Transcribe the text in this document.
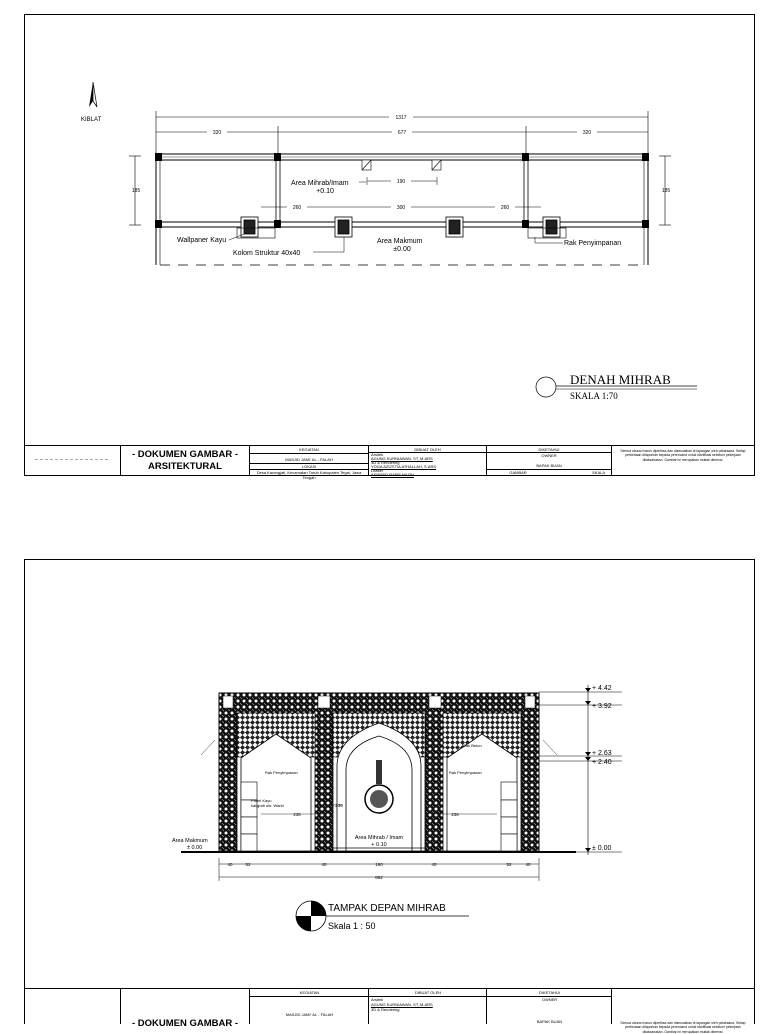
KIBLAT	1317
320	677	320
185	185
190
260	300	260
Area Mihrab/Imam
+0.10
Wallpaner Kayu
Kolom Struktur 40x40
Area Makmum
±0.00
Rak Penyimpanan
DENAH MIHRAB
SKALA 1:70
- DOKUMEN GAMBAR - ARSITEKTURAL
KEGIATAN
MASJID JAMI' AL - FALAH
LOKASI
Desa Karangjati, Kecamatan Tarub Kabupaten Tegal, Jawa Tengah
DIBUAT OLEH
Arsitek
AGUNG KURNIAWAN, ST, M.ARS
3D & Rendering
YOGA AZIZSTIA ATHALLAH, S.ARS
Drafter
AKHMAD RAFIF NAZIH
DIKETAHUI
OWNER
BAPAK BUAN
GAMBAR	SKALA
Semua ukuran harus diperiksa dan disesuaikan di lapangan oleh pelaksana. Setiap perbedaan dilaporkan kepada perencana untuk klarifikasi sebelum pekerjaan dilaksanakan. Gambar ini merupakan mutlak dimensi.
+ 4.42
+ 3.92
+ 2.63
+ 2.40
± 0.00
Area Makmum
± 0.00
Area Mihrab / Imam
+ 0.10
Rak Penyimpanan	Rak Penyimpanan
Panel Kayu
kaligrafi ukr. Warld
Dak Beton
236	236
236
40	52	40	190	40	52	40
882
TAMPAK DEPAN MIHRAB
Skala 1 : 50
- DOKUMEN GAMBAR -
KEGIATAN
MASJID JAMI' AL - FALAH
DIBUAT OLEH
Arsitek
AGUNG KURNIAWAN, ST, M.ARS
3D & Rendering
DIKETAHUI
OWNER
BAPAK BUAN	Semua ukuran harus diperiksa dan disesuaikan di lapangan oleh pelaksana. Setiap perbedaan dilaporkan kepada perencana untuk klarifikasi sebelum pekerjaan dilaksanakan. Gambar ini merupakan mutlak dimensi.
